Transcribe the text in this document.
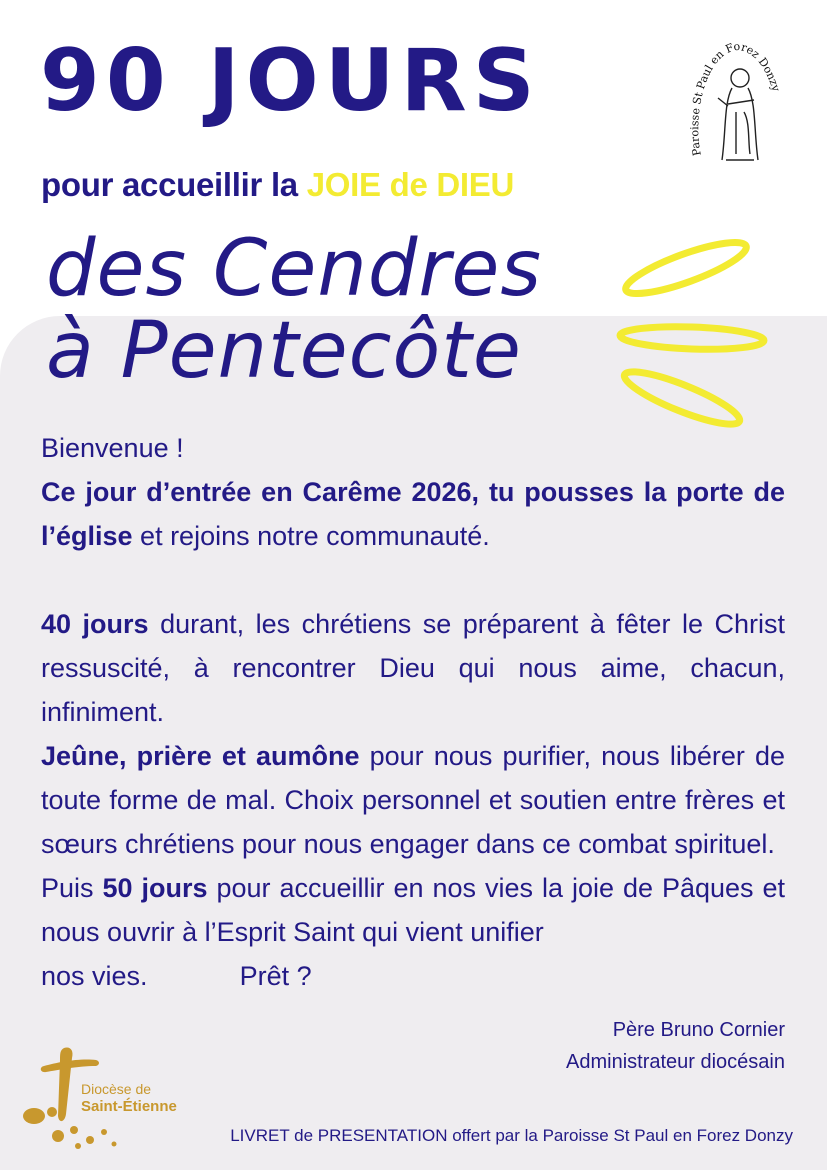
90 JOURS
pour accueillir la JOIE de DIEU
des Cendres
à Pentecôte
Paroisse St Paul en Forez Donzy

Bienvenue !

Ce jour d’entrée en Carême 2026, tu pousses la porte de l’église et rejoins notre communauté.

40 jours durant, les chrétiens se préparent à fêter le Christ ressuscité, à rencontrer Dieu qui nous aime, chacun, infiniment.

Jeûne, prière et aumône pour nous purifier, nous libérer de toute forme de mal. Choix personnel et soutien entre frères et sœurs chrétiens pour nous engager dans ce combat spirituel.

Puis 50 jours pour accueillir en nos vies la joie de Pâques et nous ouvrir à l’Esprit Saint qui vient unifier

nos vies.	Prêt ?
Père Bruno Cornier
Administrateur diocésain
Diocèse de
Saint-Étienne
LIVRET de PRESENTATION offert par la Paroisse St Paul en Forez Donzy
